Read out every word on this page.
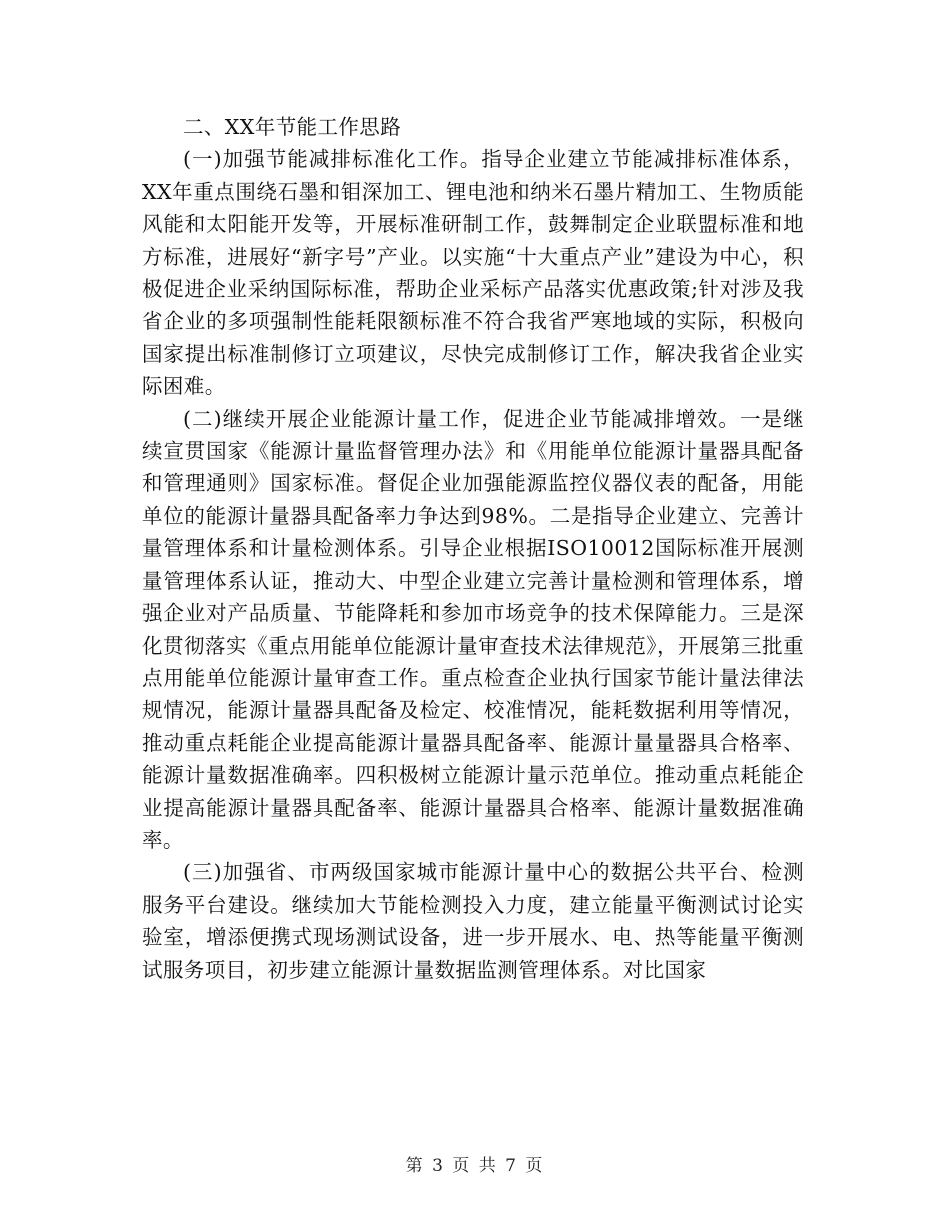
二、XX年节能工作思路

(一)加强节能减排标准化工作。指导企业建立节能减排标准体系，XX年重点围绕石墨和钼深加工、锂电池和纳米石墨片精加工、生物质能风能和太阳能开发等，开展标准研制工作，鼓舞制定企业联盟标准和地方标准，进展好“新字号”产业。以实施“十大重点产业”建设为中心，积极促进企业采纳国际标准，帮助企业采标产品落实优惠政策;针对涉及我省企业的多项强制性能耗限额标准不符合我省严寒地域的实际，积极向国家提出标准制修订立项建议，尽快完成制修订工作，解决我省企业实际困难。

(二)继续开展企业能源计量工作，促进企业节能减排增效。一是继续宣贯国家《能源计量监督管理办法》和《用能单位能源计量器具配备和管理通则》国家标准。督促企业加强能源监控仪器仪表的配备，用能单位的能源计量器具配备率力争达到98%。二是指导企业建立、完善计量管理体系和计量检测体系。引导企业根据ISO10012国际标准开展测量管理体系认证，推动大、中型企业建立完善计量检测和管理体系，增强企业对产品质量、节能降耗和参加市场竞争的技术保障能力。三是深化贯彻落实《重点用能单位能源计量审查技术法律规范》，开展第三批重点用能单位能源计量审查工作。重点检查企业执行国家节能计量法律法规情况，能源计量器具配备及检定、校准情况，能耗数据利用等情况，推动重点耗能企业提高能源计量器具配备率、能源计量量器具合格率、能源计量数据准确率。四积极树立能源计量示范单位。推动重点耗能企业提高能源计量器具配备率、能源计量器具合格率、能源计量数据准确率。

(三)加强省、市两级国家城市能源计量中心的数据公共平台、检测服务平台建设。继续加大节能检测投入力度，建立能量平衡测试讨论实验室，增添便携式现场测试设备，进一步开展水、电、热等能量平衡测试服务项目，初步建立能源计量数据监测管理体系。对比国家

第 3 页 共 7 页
